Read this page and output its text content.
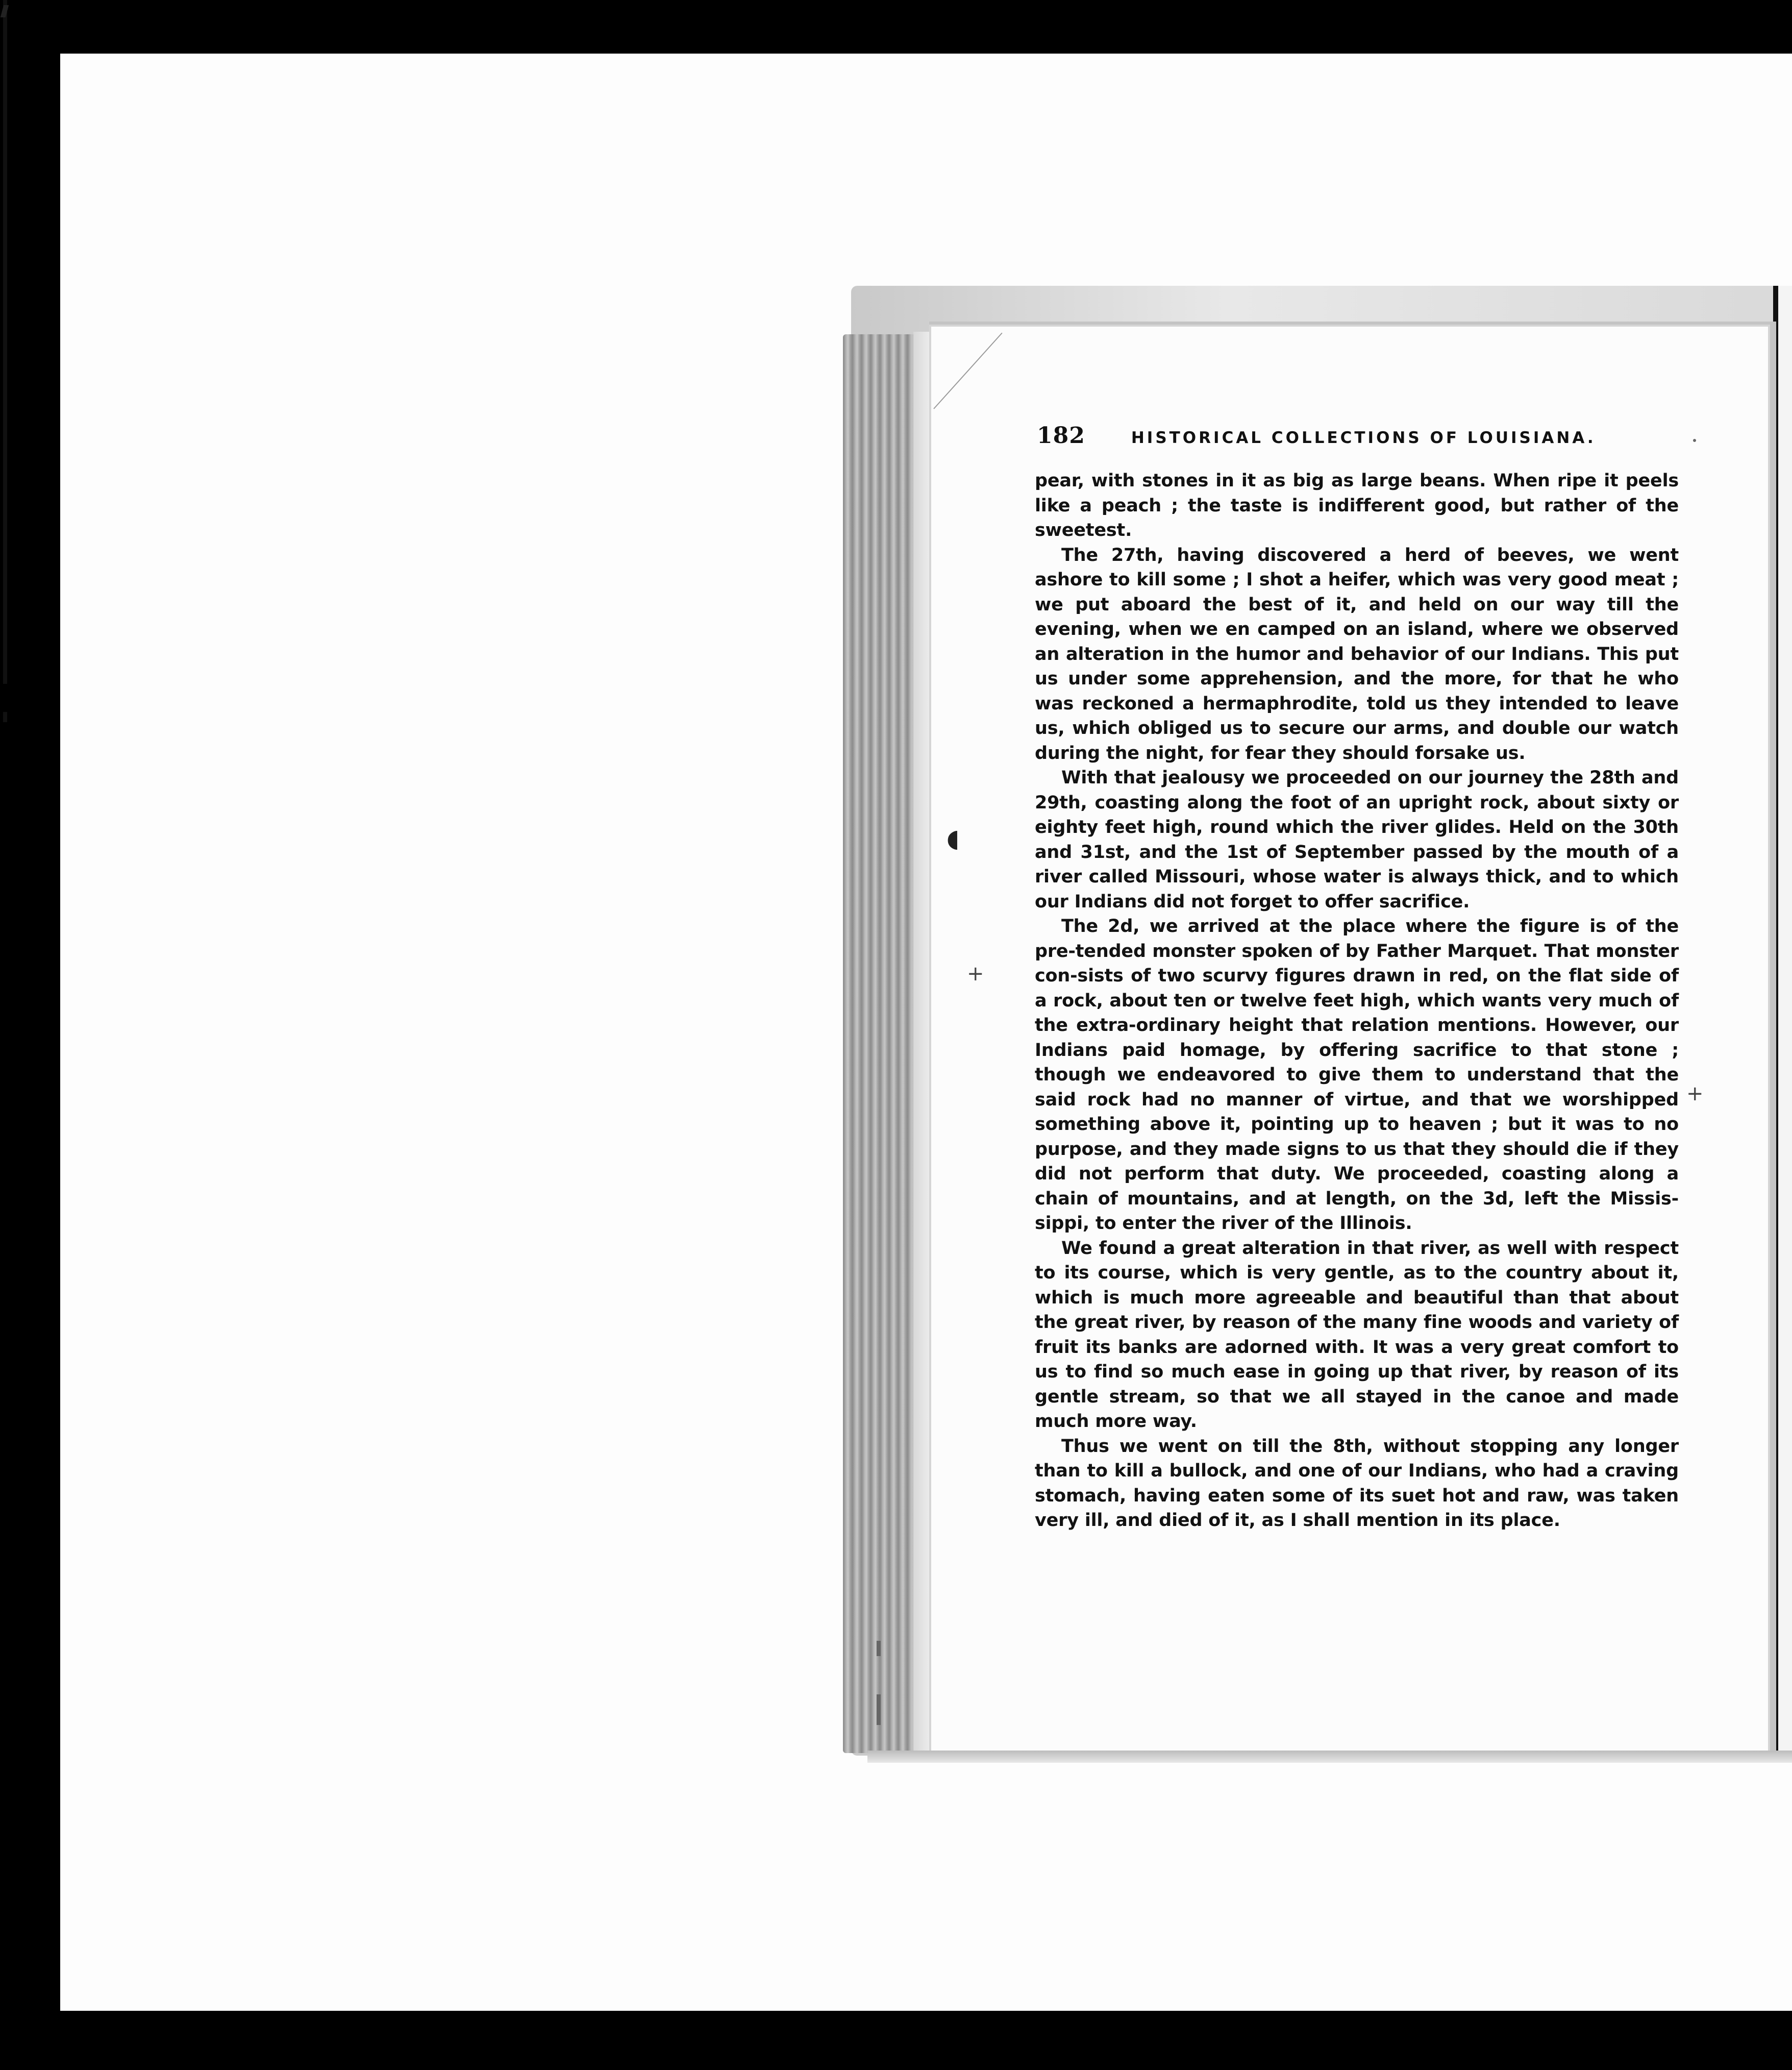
◖
+
+
182	HISTORICAL COLLECTIONS OF LOUISIANA.

pear, with stones in it as big as large beans. When ripe it peels like a peach ; the taste is indifferent good, but rather of the sweetest.

The 27th, having discovered a herd of beeves, we went ashore to kill some ; I shot a heifer, which was very good meat ; we put aboard the best of it, and held on our way till the evening, when we en camped on an island, where we observed an alteration in the humor and behavior of our Indians. This put us under some apprehension, and the more, for that he who was reckoned a hermaphrodite, told us they intended to leave us, which obliged us to secure our arms, and double our watch during the night, for fear they should forsake us.

With that jealousy we proceeded on our journey the 28th and 29th, coasting along the foot of an upright rock, about sixty or eighty feet high, round which the river glides. Held on the 30th and 31st, and the 1st of September passed by the mouth of a river called Missouri, whose water is always thick, and to which our Indians did not forget to offer sacrifice.

The 2d, we arrived at the place where the figure is of the pre-tended monster spoken of by Father Marquet. That monster con-sists of two scurvy figures drawn in red, on the flat side of a rock, about ten or twelve feet high, which wants very much of the extra-ordinary height that relation mentions. However, our Indians paid homage, by offering sacrifice to that stone ; though we endeavored to give them to understand that the said rock had no manner of virtue, and that we worshipped something above it, pointing up to heaven ; but it was to no purpose, and they made signs to us that they should die if they did not perform that duty. We proceeded, coasting along a chain of mountains, and at length, on the 3d, left the Missis-sippi, to enter the river of the Illinois.

We found a great alteration in that river, as well with respect to its course, which is very gentle, as to the country about it, which is much more agreeable and beautiful than that about the great river, by reason of the many fine woods and variety of fruit its banks are adorned with. It was a very great comfort to us to find so much ease in going up that river, by reason of its gentle stream, so that we all stayed in the canoe and made much more way.

Thus we went on till the 8th, without stopping any longer than to kill a bullock, and one of our Indians, who had a craving stomach, having eaten some of its suet hot and raw, was taken very ill, and died of it, as I shall mention in its place.
